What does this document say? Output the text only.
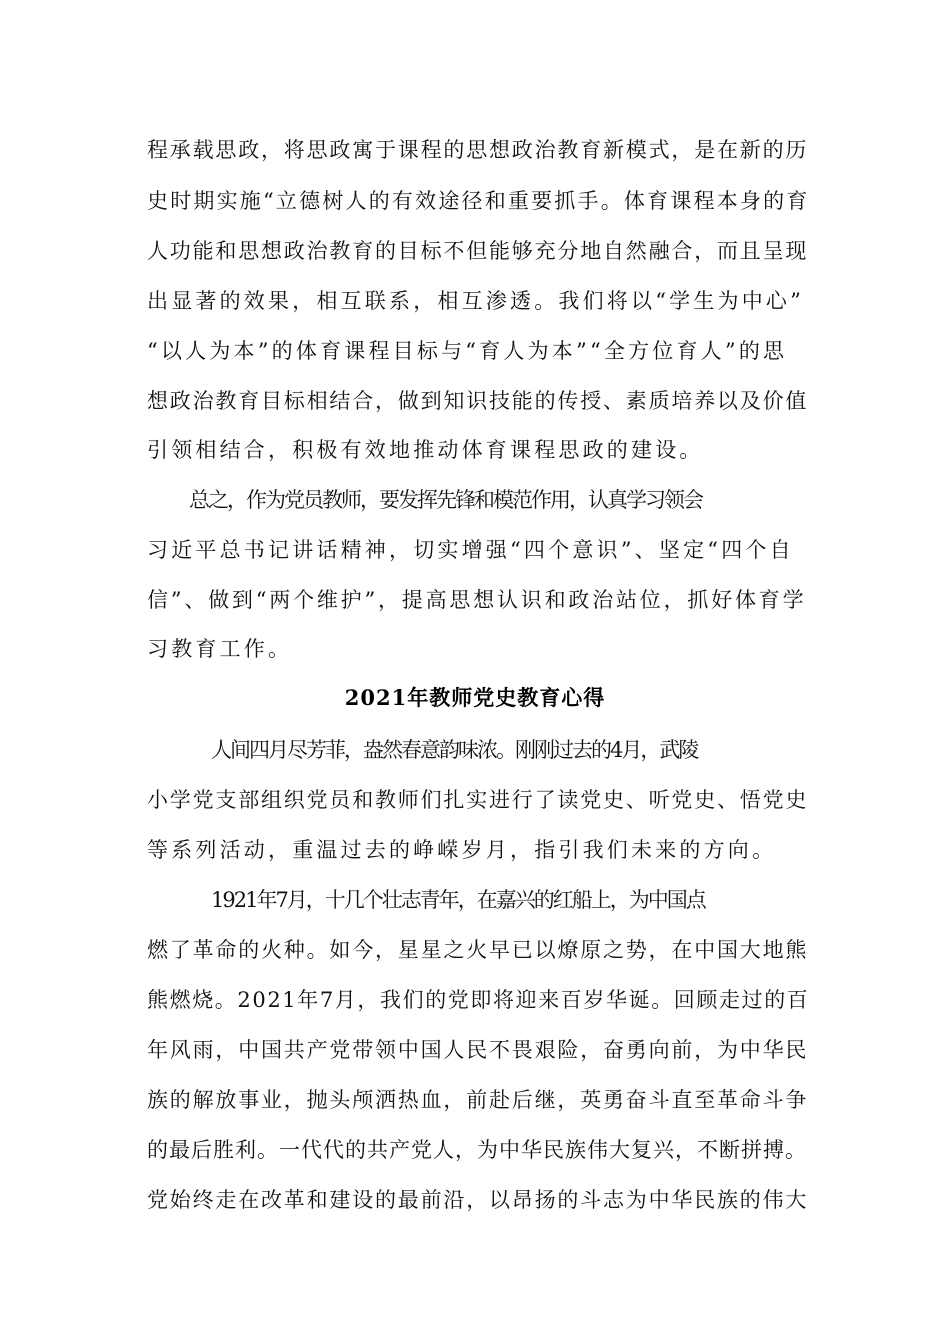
程承载思政，将思政寓于课程的思想政治教育新模式，是在新的历
史时期实施“立德树人的有效途径和重要抓手。体育课程本身的育
人功能和思想政治教育的目标不但能够充分地自然融合，而且呈现
出显著的效果，相互联系，相互渗透。我们将以“学生为中心”
“以人为本”的体育课程目标与“育人为本”“全方位育人”的思
想政治教育目标相结合，做到知识技能的传授、素质培养以及价值
引领相结合，积极有效地推动体育课程思政的建设。
总之，作为党员教师，要发挥先锋和模范作用，认真学习领会
习近平总书记讲话精神，切实增强“四个意识”、坚定“四个自
信”、做到“两个维护”，提高思想认识和政治站位，抓好体育学
习教育工作。
2021年教师党史教育心得
人间四月尽芳菲，盎然春意韵味浓。刚刚过去的4月，武陵
小学党支部组织党员和教师们扎实进行了读党史、听党史、悟党史
等系列活动，重温过去的峥嵘岁月，指引我们未来的方向。
1921年7月，十几个壮志青年，在嘉兴的红船上，为中国点
燃了革命的火种。如今，星星之火早已以燎原之势，在中国大地熊
熊燃烧。2021年7月，我们的党即将迎来百岁华诞。回顾走过的百
年风雨，中国共产党带领中国人民不畏艰险，奋勇向前，为中华民
族的解放事业，抛头颅洒热血，前赴后继，英勇奋斗直至革命斗争
的最后胜利。一代代的共产党人，为中华民族伟大复兴，不断拼搏。
党始终走在改革和建设的最前沿，以昂扬的斗志为中华民族的伟大
